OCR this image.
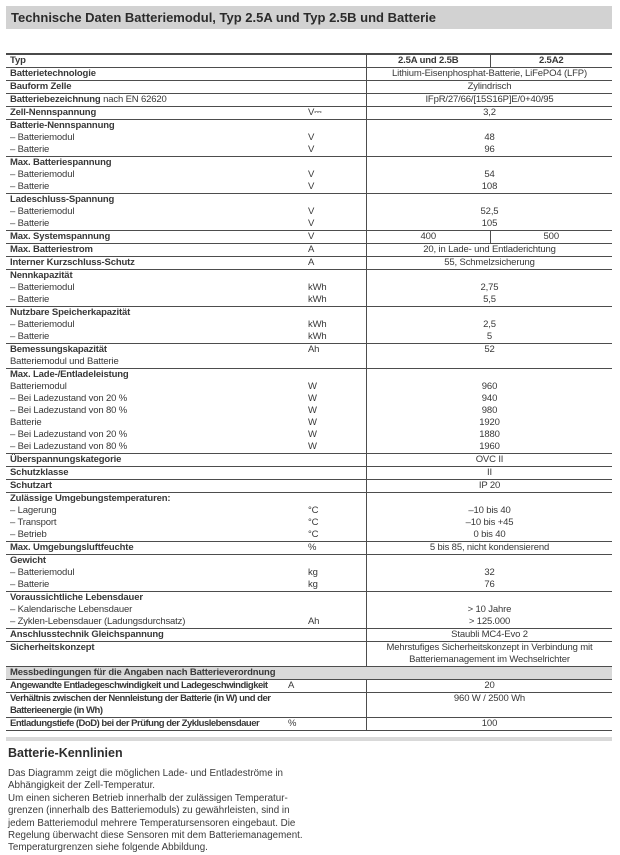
Technische Daten Batteriemodul, Typ 2.5A und Typ 2.5B und Batterie
Typ	2.5A und 2.5B	2.5A2
Batterietechnologie	Lithium-Eisenphosphat-Batterie, LiFePO4 (LFP)
Bauform Zelle	Zylindrisch
Batteriebezeichnung nach EN 62620	IFpR/27/66/[15S16P]E/0+40/95
Zell-Nennspannung	V⎓	3,2
Batterie-Nennspannung
– Batteriemodul	V	48
– Batterie	V	96
Max. Batteriespannung
– Batteriemodul	V	54
– Batterie	V	108
Ladeschluss-Spannung
– Batteriemodul	V	52,5
– Batterie	V	105
Max. Systemspannung	V	400	500
Max. Batteriestrom	A	20, in Lade- und Entladerichtung
Interner Kurzschluss-Schutz	A	55, Schmelzsicherung
Nennkapazität
– Batteriemodul	kWh	2,75
– Batterie	kWh	5,5
Nutzbare Speicherkapazität
– Batteriemodul	kWh	2,5
– Batterie	kWh	5
Bemessungskapazität
Batteriemodul und Batterie
Ah	52
Max. Lade-/Entladeleistung
Batteriemodul	W	960
– Bei Ladezustand von 20 %	W	940
– Bei Ladezustand von 80 %	W	980
Batterie	W	1920
– Bei Ladezustand von 20 %	W	1880
– Bei Ladezustand von 80 %	W	1960
Überspannungskategorie	OVC II
Schutzklasse	II
Schutzart	IP 20
Zulässige Umgebungstemperaturen:
– Lagerung	°C	–10 bis 40
– Transport	°C	–10 bis +45
– Betrieb	°C	0 bis 40
Max. Umgebungsluftfeuchte	%	5 bis 85, nicht kondensierend
Gewicht
– Batteriemodul	kg	32
– Batterie	kg	76
Voraussichtliche Lebensdauer
– Kalendarische Lebensdauer	> 10 Jahre
– Zyklen-Lebensdauer (Ladungsdurchsatz)	Ah	> 125.000
Anschlusstechnik Gleichspannung	Staubli MC4-Evo 2
Sicherheitskonzept	Mehrstufiges Sicherheitskonzept in Verbindung mit
Batteriemanagement im Wechselrichter
Messbedingungen für die Angaben nach Batterieverordnung
Angewandte Entladegeschwindigkeit und Ladegeschwindigkeit	A	20
Verhältnis zwischen der Nennleistung der Batterie (in W) und der
Batterieenergie (in Wh)
960 W / 2500 Wh
Entladungstiefe (DoD) bei der Prüfung der Zykluslebensdauer	%	100
Batterie-Kennlinien
Das Diagramm zeigt die möglichen Lade- und Entladeströme in
Abhängigkeit der Zell-Temperatur.
Um einen sicheren Betrieb innerhalb der zulässigen Temperatur-
grenzen (innerhalb des Batteriemoduls) zu gewährleisten, sind in
jedem Batteriemodul mehrere Temperatursensoren eingebaut. Die
Regelung überwacht diese Sensoren mit dem Batteriemanagement.
Temperaturgrenzen siehe folgende Abbildung.
